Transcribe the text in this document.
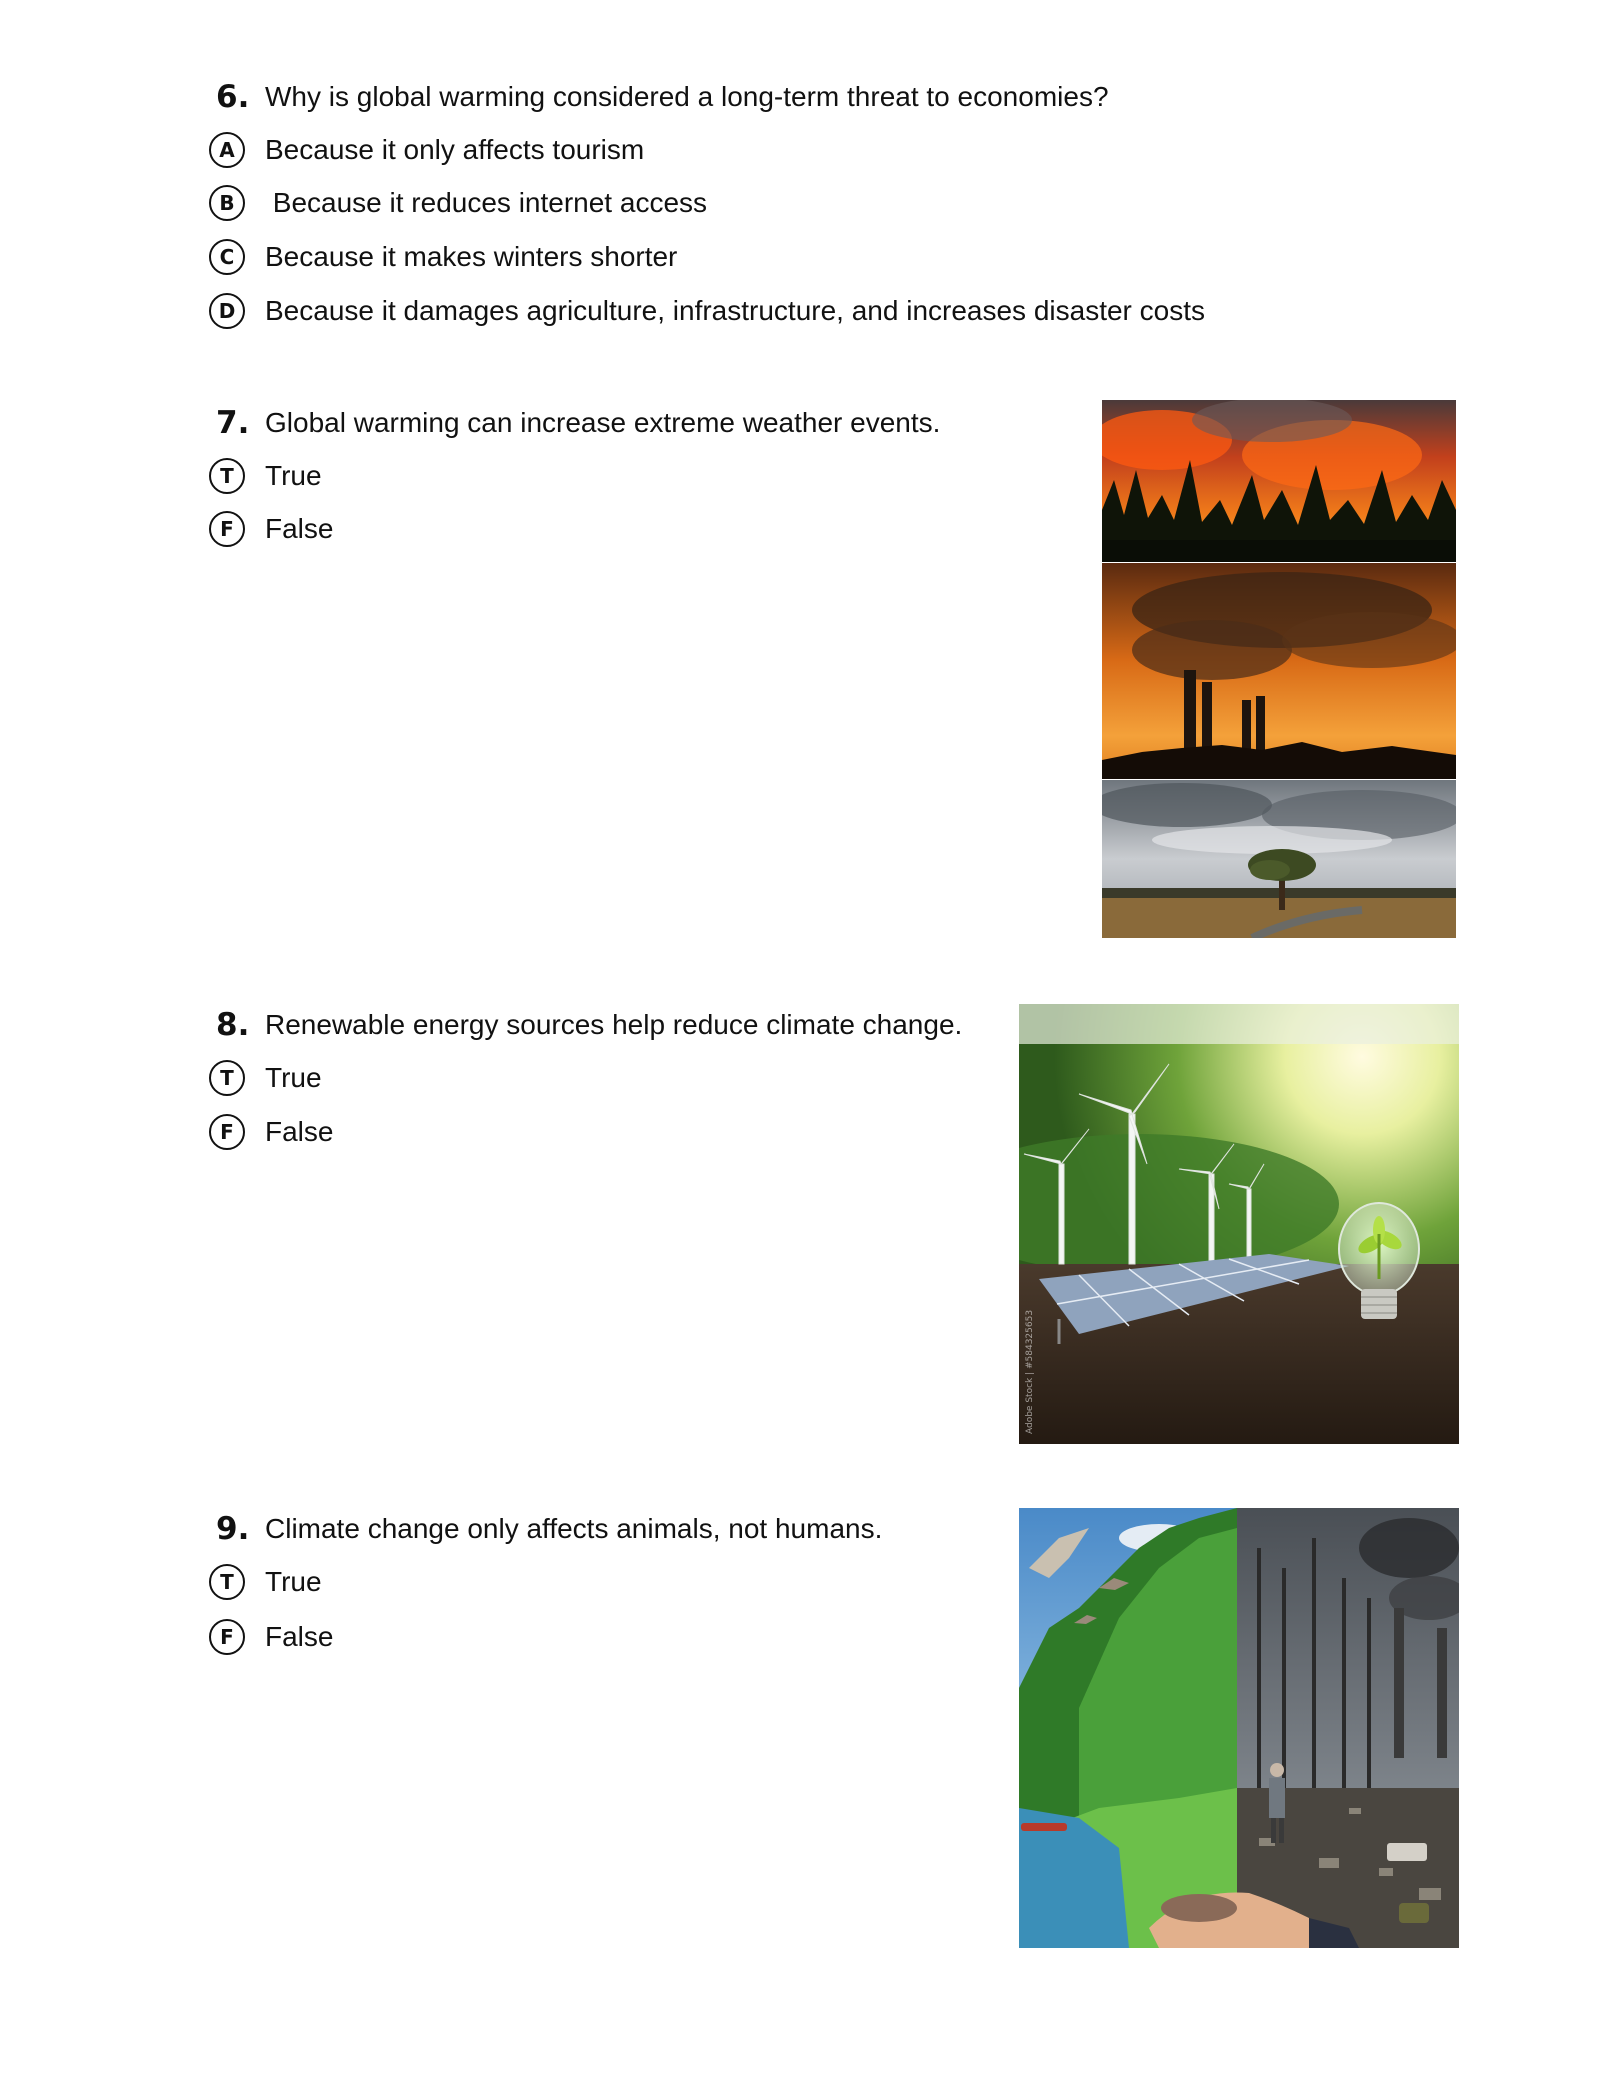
6. Why is global warming considered a long-term threat to economies?
A	Because it only affects tourism
B	Because it reduces internet access
C	Because it makes winters shorter
D	Because it damages agriculture, infrastructure, and increases disaster costs
7. Global warming can increase extreme weather events.
T	True
F	False
8. Renewable energy sources help reduce climate change.
T	True
F	False
Adobe Stock | #584325653
9. Climate change only affects animals, not humans.
T	True
F	False
